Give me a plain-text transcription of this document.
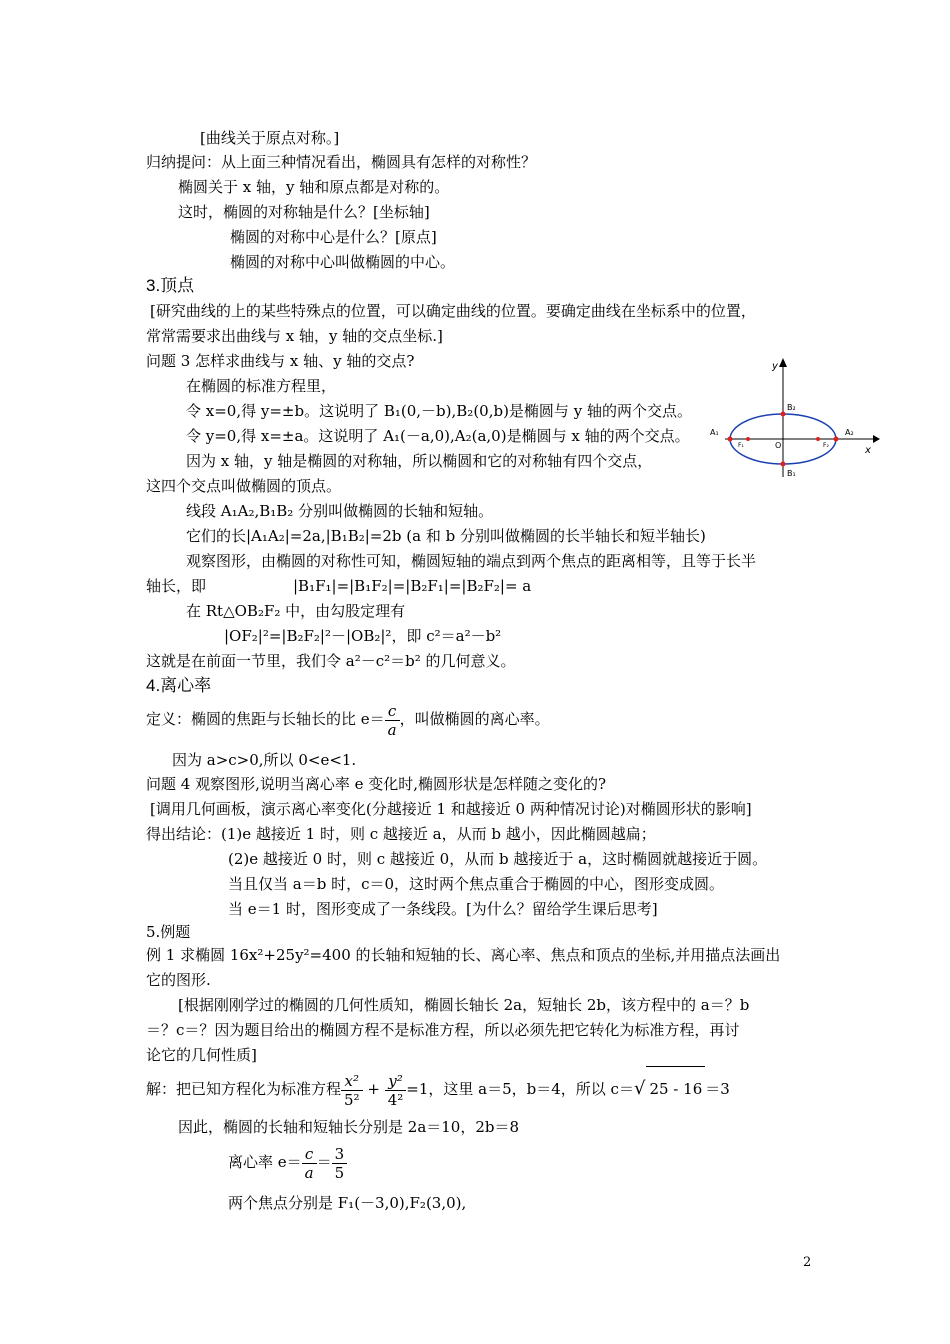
[曲线关于原点对称。]
归纳提问：从上面三种情况看出，椭圆具有怎样的对称性？
椭圆关于 x 轴，y 轴和原点都是对称的。
这时，椭圆的对称轴是什么？[坐标轴]
椭圆的对称中心是什么？[原点]
椭圆的对称中心叫做椭圆的中心。
3.顶点
[研究曲线的上的某些特殊点的位置，可以确定曲线的位置。要确定曲线在坐标系中的位置，
常常需要求出曲线与 x 轴，y 轴的交点坐标.]
问题 3 怎样求曲线与 x 轴、y 轴的交点?
在椭圆的标准方程里，
令 x=0,得 y=±b。这说明了 B₁(0,－b),B₂(0,b)是椭圆与 y 轴的两个交点。
令 y=0,得 x=±a。这说明了 A₁(－a,0),A₂(a,0)是椭圆与 x 轴的两个交点。
因为 x 轴，y 轴是椭圆的对称轴，所以椭圆和它的对称轴有四个交点，
这四个交点叫做椭圆的顶点。
y
x
O
A₁	A₂
B₁
B₂
F₁	F₂
线段 A₁A₂,B₁B₂ 分别叫做椭圆的长轴和短轴。
它们的长|A₁A₂|=2a,|B₁B₂|=2b (a 和 b 分别叫做椭圆的长半轴长和短半轴长)
观察图形，由椭圆的对称性可知，椭圆短轴的端点到两个焦点的距离相等，且等于长半
轴长，即	|B₁F₁|=|B₁F₂|=|B₂F₁|=|B₂F₂|= a
在 Rt△OB₂F₂ 中，由勾股定理有
|OF₂|²=|B₂F₂|²－|OB₂|²，即 c²＝a²－b²
这就是在前面一节里，我们令 a²－c²＝b² 的几何意义。
4.离心率
定义：椭圆的焦距与长轴长的比 $e= \frac{c}{a}$ ，叫做椭圆的离心率。
因为 a>c>0,所以 0<e<1.
问题 4 观察图形,说明当离心率 e 变化时,椭圆形状是怎样随之变化的?
[调用几何画板，演示离心率变化(分越接近 1 和越接近 0 两种情况讨论)对椭圆形状的影响]
得出结论：(1)e 越接近 1 时，则 c 越接近 a，从而 b 越小，因此椭圆越扁；
(2)e 越接近 0 时，则 c 越接近 0，从而 b 越接近于 a，这时椭圆就越接近于圆。
当且仅当 a＝b 时，c＝0，这时两个焦点重合于椭圆的中心，图形变成圆。
当 e＝1 时，图形变成了一条线段。[为什么？留给学生课后思考]
5.例题
例 1 求椭圆 16x²+25y²=400 的长轴和短轴的长、离心率、焦点和顶点的坐标,并用描点法画出
它的图形.
[根据刚刚学过的椭圆的几何性质知，椭圆长轴长 2a，短轴长 2b，该方程中的 a＝？b
＝？c＝？因为题目给出的椭圆方程不是标准方程，所以必须先把它转化为标准方程，再讨
论它的几何性质]
解：把已知方程化为标准方程 $\frac{\text{x²}}{\text{5²}} + \frac{\text{y²}}{\text{4²}} =1$，这里 a＝5，b＝4，所以 c＝√ 25 - 16 ＝3
因此，椭圆的长轴和短轴长分别是 2a＝10，2b＝8
离心率 $e= \frac{c}{a} = \frac{3}{5}$
两个焦点分别是 F₁(－3,0),F₂(3,0),
2
